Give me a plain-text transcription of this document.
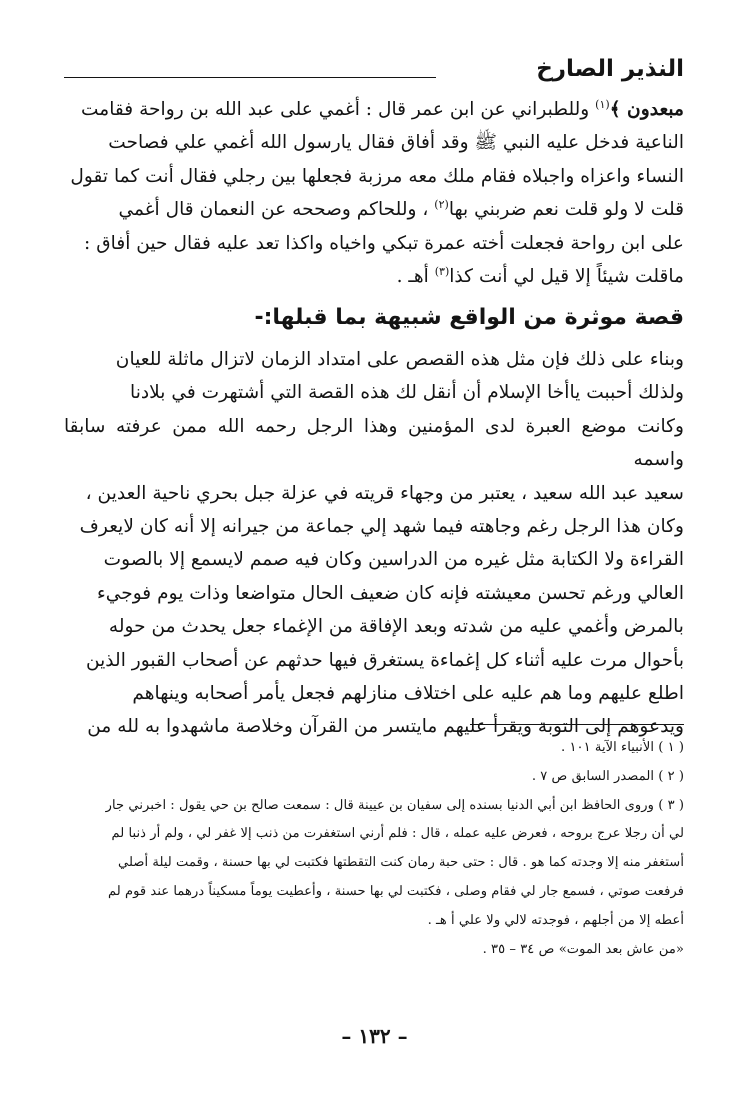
النذير الصارخ
مبعدون ﴾$^{(١)}$ وللطبراني عن ابن عمر قال : أغمي على عبد الله بن رواحة فقامت
الناعية فدخل عليه النبي ﷺ وقد أفاق فقال يارسول الله أغمي علي فصاحت
النساء واعزاه واجبلاه فقام ملك معه مرزبة فجعلها بين رجلي فقال أنت كما تقول
قلت لا ولو قلت نعم ضربني بها$^{(٢)}$ ، وللحاكم وصححه عن النعمان قال أغمي
على ابن رواحة فجعلت أخته عمرة تبكي واخياه واكذا تعد عليه فقال حين أفاق :
ماقلت شيئاً إلا قيل لي أنت كذا$^{(٣)}$ أهـ .
قصة موثرة من الواقع شبيهة بما قبلها:-
وبناء على ذلك فإن مثل هذه القصص على امتداد الزمان لاتزال ماثلة للعيان
ولذلك أحببت ياأخا الإسلام أن أنقل لك هذه القصة التي أشتهرت في بلادنا
وكانت موضع العبرة لدى المؤمنين وهذا الرجل رحمه الله ممن عرفته سابقا واسمه
سعيد عبد الله سعيد ، يعتبر من وجهاء قريته في عزلة جبل بحري ناحية العدين ،
وكان هذا الرجل رغم وجاهته فيما شهد إلي جماعة من جيرانه إلا أنه كان لايعرف
القراءة ولا الكتابة مثل غيره من الدراسين وكان فيه صمم لايسمع إلا بالصوت
العالي ورغم تحسن معيشته فإنه كان ضعيف الحال متواضعا وذات يوم فوجيء
بالمرض وأغمي عليه من شدته وبعد الإفاقة من الإغماء جعل يحدث من حوله
بأحوال مرت عليه أثناء كل إغماءة يستغرق فيها حدثهم عن أصحاب القبور الذين
اطلع عليهم وما هم عليه على اختلاف منازلهم فجعل يأمر أصحابه وينهاهم
ويدعوهم إلى التوبة ويقرأ عليهم مايتسر من القرآن وخلاصة ماشهدوا به لله من
( ١ ) الأنبياء الآية ١٠١ .
( ٢ ) المصدر السابق ص ٧ .
( ٣ ) وروى الحافظ ابن أبي الدنيا بسنده إلى سفيان بن عيينة قال : سمعت صالح بن حي يقول : اخبرني جار
لي أن رجلا عرج بروحه ، فعرض عليه عمله ، قال : فلم أرني استغفرت من ذنب إلا غفر لي ، ولم أر ذنبا لم
أستغفر منه إلا وجدته كما هو . قال : حتى حبة رمان كنت التقطتها فكتبت لي بها حسنة ، وقمت ليلة أصلي
فرفعت صوتي ، فسمع جار لي فقام وصلى ، فكتبت لي بها حسنة ، وأعطيت يوماً مسكيناً درهما عند قوم لم
أعطه إلا من أجلهم ، فوجدته لالي ولا علي أ هـ .
«من عاش بعد الموت» ص ٣٤ – ٣٥ .
– ١٣٢ –
